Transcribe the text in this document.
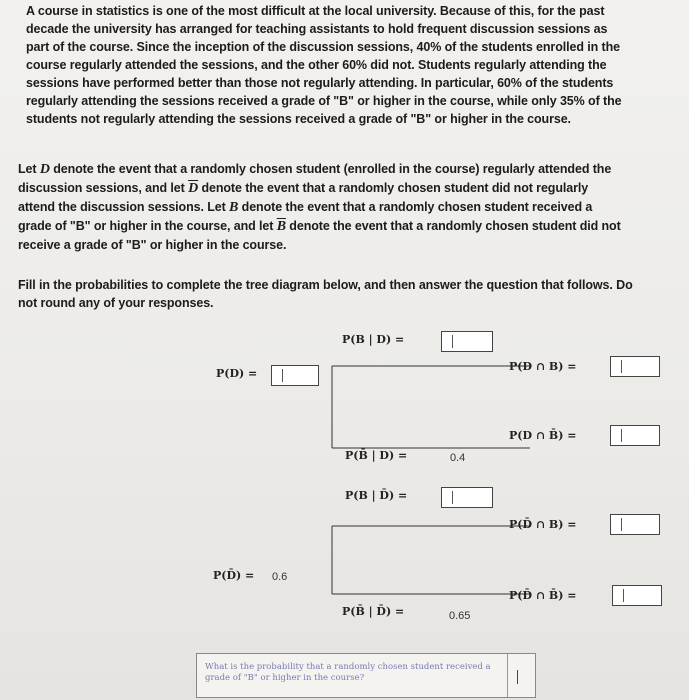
A course in statistics is one of the most difficult at the local university. Because of this, for the past decade the university has arranged for teaching assistants to hold frequent discussion sessions as part of the course. Since the inception of the discussion sessions, 40% of the students enrolled in the course regularly attended the sessions, and the other 60% did not. Students regularly attending the sessions have performed better than those not regularly attending. In particular, 60% of the students regularly attending the sessions received a grade of "B" or higher in the course, while only 35% of the students not regularly attending the sessions received a grade of "B" or higher in the course.
Let D denote the event that a randomly chosen student (enrolled in the course) regularly attended the discussion sessions, and let $\overline{D}$ denote the event that a randomly chosen student did not regularly attend the discussion sessions. Let B denote the event that a randomly chosen student received a grade of "B" or higher in the course, and let $\overline{B}$ denote the event that a randomly chosen student did not receive a grade of "B" or higher in the course.
Fill in the probabilities to complete the tree diagram below, and then answer the question that follows. Do not round any of your responses.
P(B | D) =
P(D) =
P(D ∩ B) =
P(D ∩ B̄) =
P(B̄ | D) =	0.4
P(B | D̄) =
P(D̄ ∩ B) =
P(D̄) = 0.6
P(D̄ ∩ B̄) =
P(B̄ | D̄) =	0.65
What is the probability that a randomly chosen student received a grade of "B" or higher in the course?
